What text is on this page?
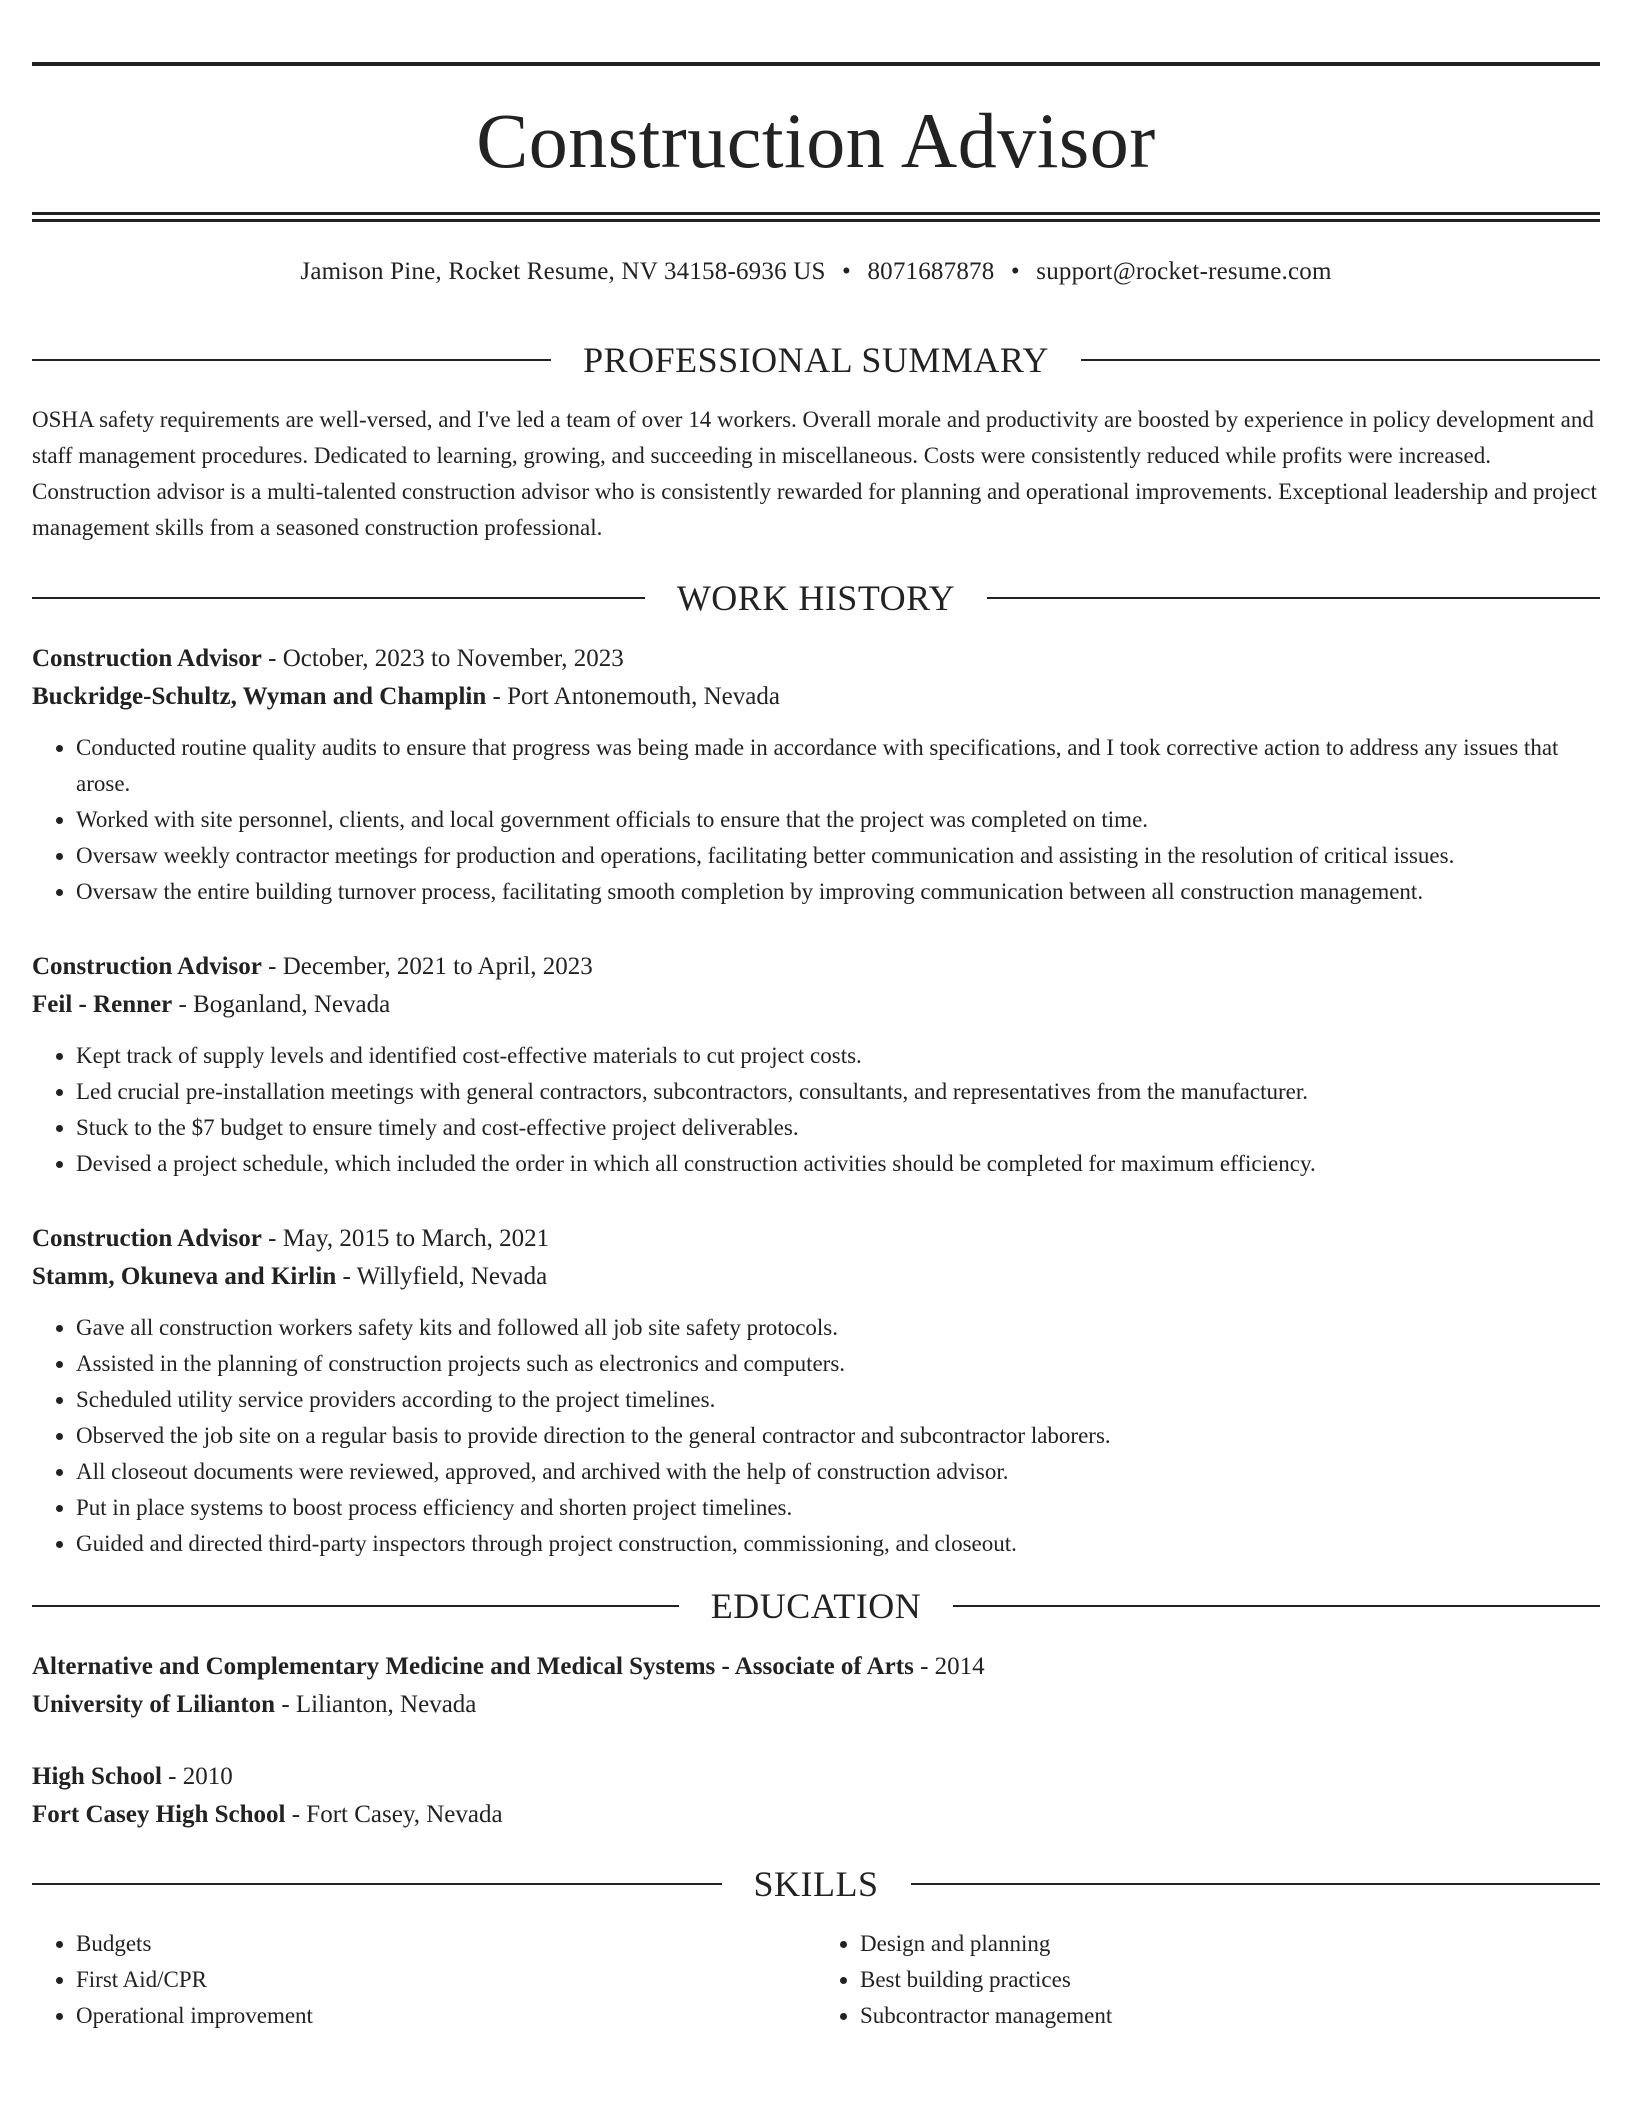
Construction Advisor
Jamison Pine, Rocket Resume, NV 34158-6936 US • 8071687878 • support@rocket-resume.com
PROFESSIONAL SUMMARY

OSHA safety requirements are well-versed, and I've led a team of over 14 workers. Overall morale and productivity are boosted by experience in policy development and staff management procedures. Dedicated to learning, growing, and succeeding in miscellaneous. Costs were consistently reduced while profits were increased. Construction advisor is a multi-talented construction advisor who is consistently rewarded for planning and operational improvements. Exceptional leadership and project management skills from a seasoned construction professional.

WORK HISTORY
Construction Advisor - October, 2023 to November, 2023
Buckridge-Schultz, Wyman and Champlin - Port Antonemouth, Nevada
• Conducted routine quality audits to ensure that progress was being made in accordance with specifications, and I took corrective action to address any issues that arose.
• Worked with site personnel, clients, and local government officials to ensure that the project was completed on time.
• Oversaw weekly contractor meetings for production and operations, facilitating better communication and assisting in the resolution of critical issues.
• Oversaw the entire building turnover process, facilitating smooth completion by improving communication between all construction management.
Construction Advisor - December, 2021 to April, 2023
Feil - Renner - Boganland, Nevada
• Kept track of supply levels and identified cost-effective materials to cut project costs.
• Led crucial pre-installation meetings with general contractors, subcontractors, consultants, and representatives from the manufacturer.
• Stuck to the $7 budget to ensure timely and cost-effective project deliverables.
• Devised a project schedule, which included the order in which all construction activities should be completed for maximum efficiency.
Construction Advisor - May, 2015 to March, 2021
Stamm, Okuneva and Kirlin - Willyfield, Nevada
• Gave all construction workers safety kits and followed all job site safety protocols.
• Assisted in the planning of construction projects such as electronics and computers.
• Scheduled utility service providers according to the project timelines.
• Observed the job site on a regular basis to provide direction to the general contractor and subcontractor laborers.
• All closeout documents were reviewed, approved, and archived with the help of construction advisor.
• Put in place systems to boost process efficiency and shorten project timelines.
• Guided and directed third-party inspectors through project construction, commissioning, and closeout.
EDUCATION
Alternative and Complementary Medicine and Medical Systems - Associate of Arts - 2014
University of Lilianton - Lilianton, Nevada
High School - 2010
Fort Casey High School - Fort Casey, Nevada
SKILLS
• Budgets
• First Aid/CPR
• Operational improvement
• Design and planning
• Best building practices
• Subcontractor management
